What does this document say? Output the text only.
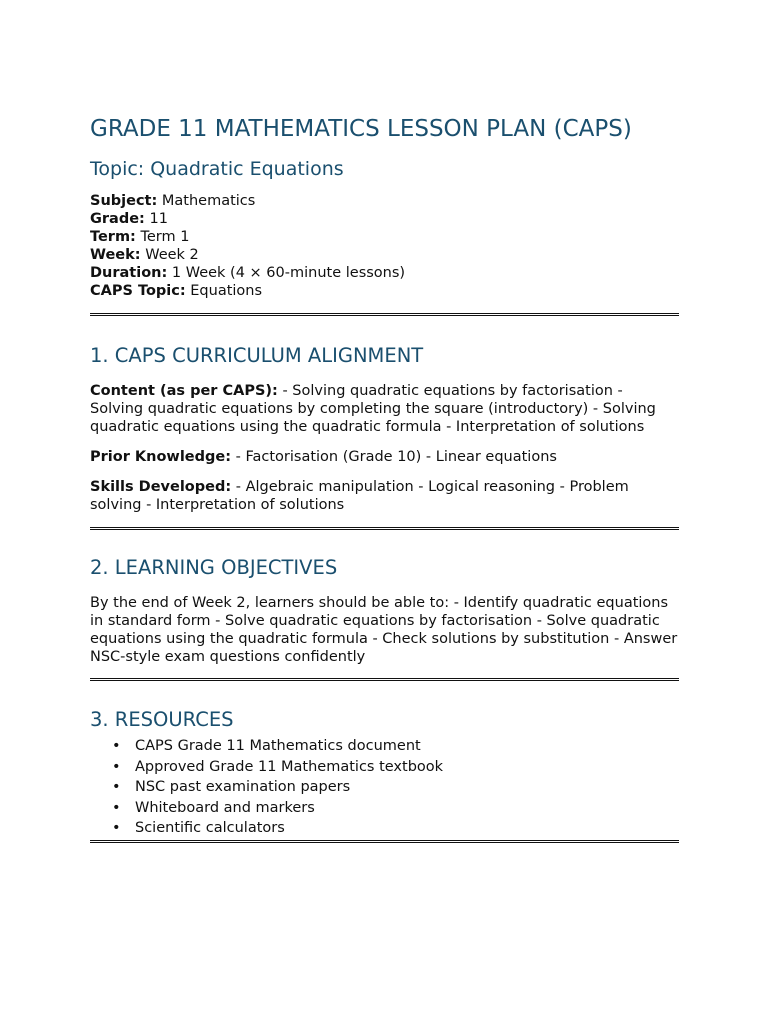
GRADE 11 MATHEMATICS LESSON PLAN (CAPS)
Topic: Quadratic Equations
Subject: Mathematics
Grade: 11
Term: Term 1
Week: Week 2
Duration: 1 Week (4 × 60-minute lessons)
CAPS Topic: Equations
1. CAPS CURRICULUM ALIGNMENT

Content (as per CAPS): - Solving quadratic equations by factorisation - Solving quadratic equations by completing the square (introductory) - Solving quadratic equations using the quadratic formula - Interpretation of solutions

Prior Knowledge: - Factorisation (Grade 10) - Linear equations

Skills Developed: - Algebraic manipulation - Logical reasoning - Problem solving - Interpretation of solutions

2. LEARNING OBJECTIVES

By the end of Week 2, learners should be able to: - Identify quadratic equations in standard form - Solve quadratic equations by factorisation - Solve quadratic equations using the quadratic formula - Check solutions by substitution - Answer NSC-style exam questions confidently

3. RESOURCES
• CAPS Grade 11 Mathematics document
• Approved Grade 11 Mathematics textbook
• NSC past examination papers
• Whiteboard and markers
• Scientific calculators
